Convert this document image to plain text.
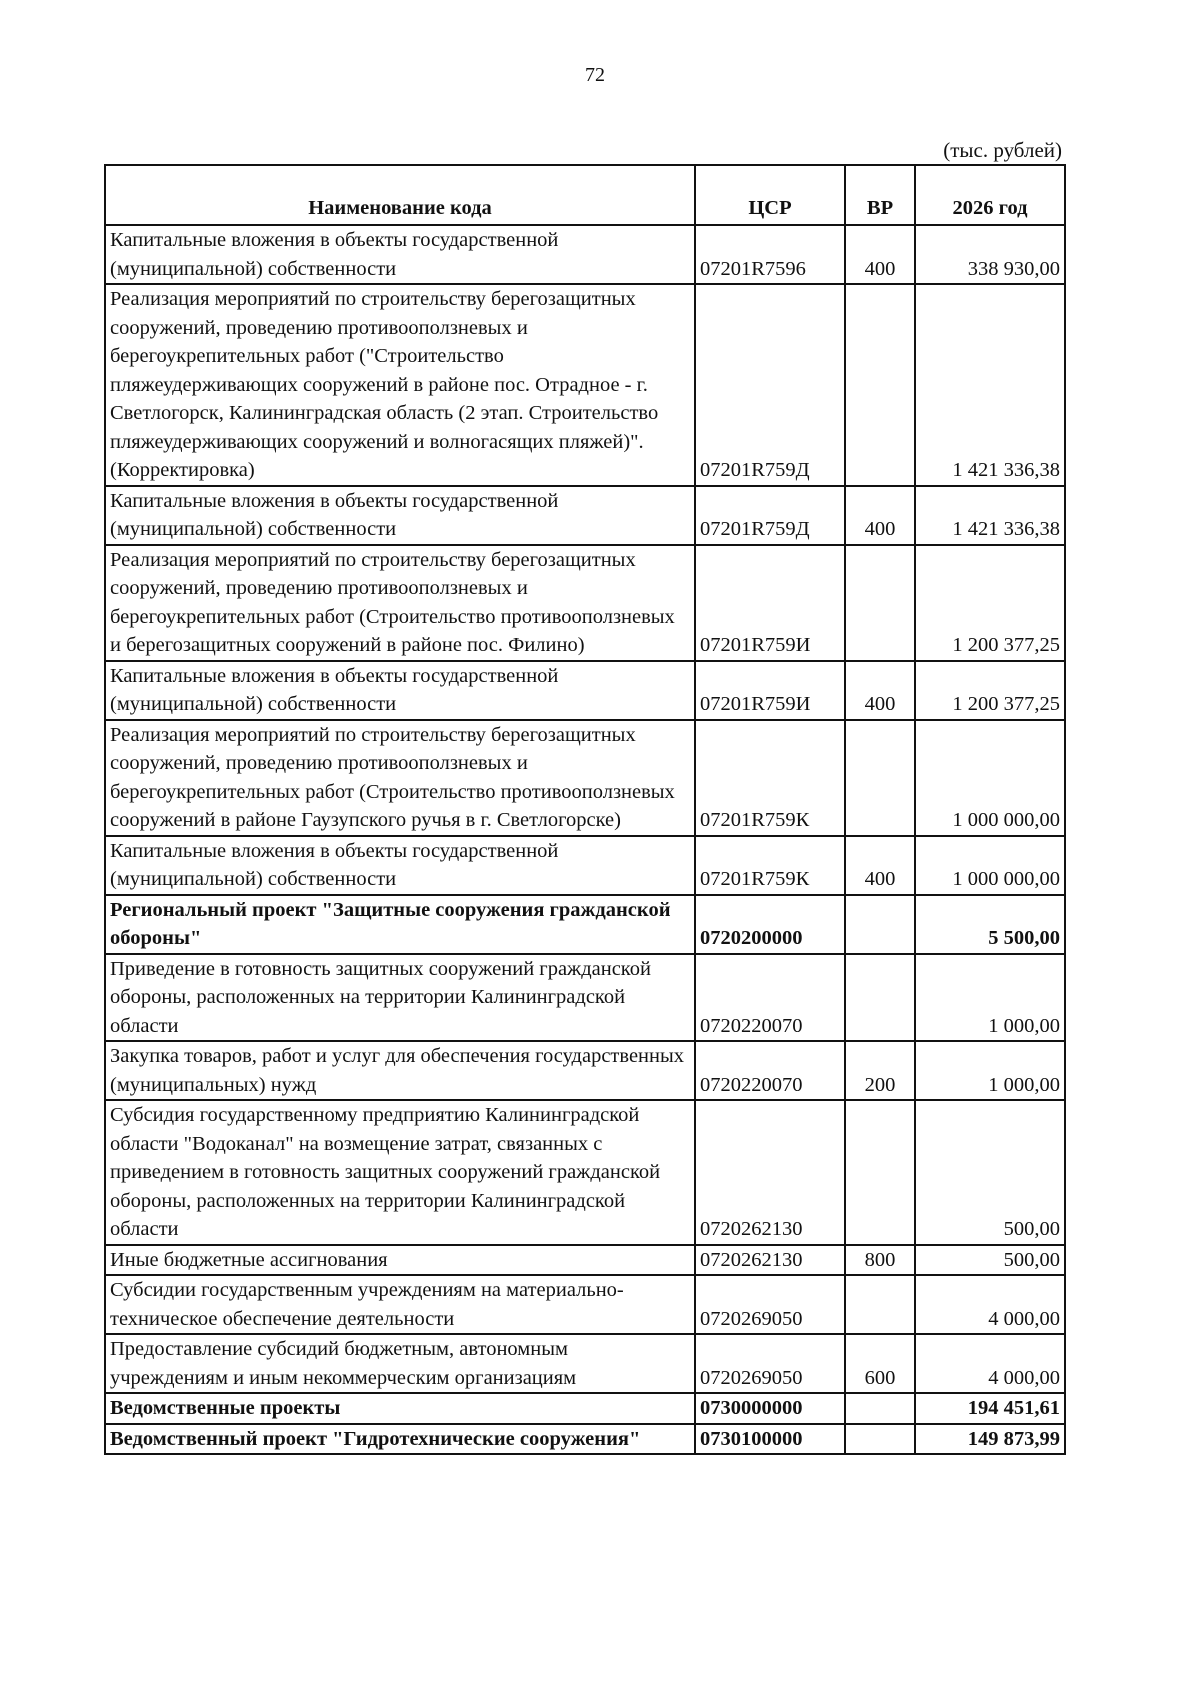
72
(тыс. рублей)
Наименование кода	ЦСР	ВР	2026 год
Капитальные вложения в объекты государственной (муниципальной) собственности	07201R7596	400	338 930,00
Реализация мероприятий по строительству берегозащитных сооружений, проведению противооползневых и берегоукрепительных работ ("Строительство пляжеудерживающих сооружений в районе пос. Отрадное - г. Светлогорск, Калининградская область (2 этап. Строительство пляжеудерживающих сооружений и волногасящих пляжей)". (Корректировка)	07201R759Д		1 421 336,38
Капитальные вложения в объекты государственной (муниципальной) собственности	07201R759Д	400	1 421 336,38
Реализация мероприятий по строительству берегозащитных сооружений, проведению противооползневых и берегоукрепительных работ (Строительство противооползневых и берегозащитных сооружений в районе пос. Филино)	07201R759И		1 200 377,25
Капитальные вложения в объекты государственной (муниципальной) собственности	07201R759И	400	1 200 377,25
Реализация мероприятий по строительству берегозащитных сооружений, проведению противооползневых и берегоукрепительных работ (Строительство противооползневых сооружений в районе Гаузупского ручья в г. Светлогорске)	07201R759К		1 000 000,00
Капитальные вложения в объекты государственной (муниципальной) собственности	07201R759К	400	1 000 000,00
Региональный проект "Защитные сооружения гражданской обороны"	0720200000		5 500,00
Приведение в готовность защитных сооружений гражданской обороны, расположенных на территории Калининградской области	0720220070		1 000,00
Закупка товаров, работ и услуг для обеспечения государственных (муниципальных) нужд	0720220070	200	1 000,00
Субсидия государственному предприятию Калининградской области "Водоканал" на возмещение затрат, связанных с приведением в готовность защитных сооружений гражданской обороны, расположенных на территории Калининградской области	0720262130		500,00
Иные бюджетные ассигнования	0720262130	800	500,00
Субсидии государственным учреждениям на материально-техническое обеспечение деятельности	0720269050		4 000,00
Предоставление субсидий бюджетным, автономным учреждениям и иным некоммерческим организациям	0720269050	600	4 000,00
Ведомственные проекты	0730000000		194 451,61
Ведомственный проект "Гидротехнические сооружения"	0730100000		149 873,99
